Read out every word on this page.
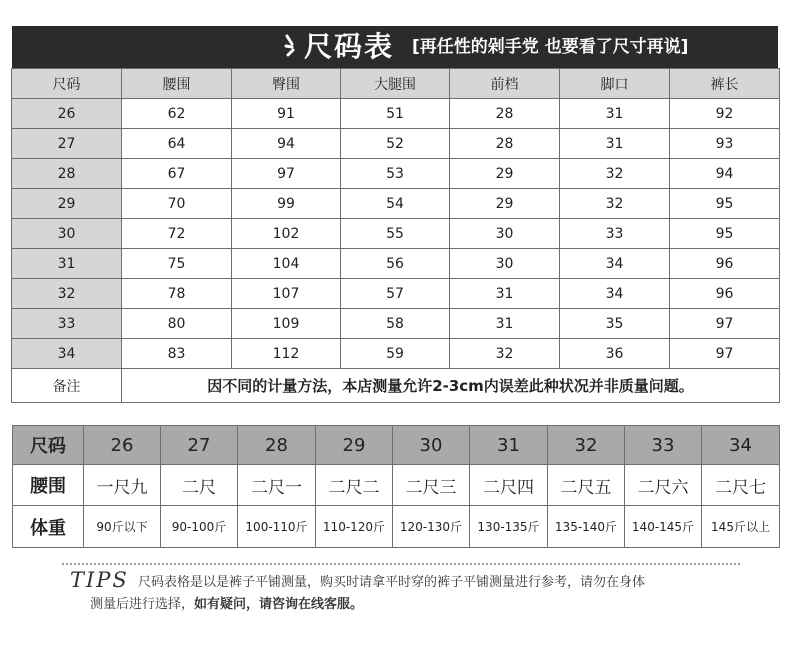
尺码表 [再任性的剁手党 也要看了尺寸再说]
尺码	腰围	臀围	大腿围	前档	脚口	裤长
26	62	91	51	28	31	92
27	64	94	52	28	31	93
28	67	97	53	29	32	94
29	70	99	54	29	32	95
30	72	102	55	30	33	95
31	75	104	56	30	34	96
32	78	107	57	31	34	96
33	80	109	58	31	35	97
34	83	112	59	32	36	97
备注	因不同的计量方法，本店测量允许2-3cm内误差此种状况并非质量问题。					
尺码	26	27	28	29	30	31	32	33	34
腰围	一尺九	二尺	二尺一	二尺二	二尺三	二尺四	二尺五	二尺六	二尺七
体重	90斤以下	90-100斤	100-110斤	110-120斤	120-130斤	130-135斤	135-140斤	140-145斤	145斤以上
TIPS 尺码表格是以是裤子平铺测量，购买时请拿平时穿的裤子平铺测量进行参考，请勿在身体
测量后进行选择，如有疑问，请咨询在线客服。
